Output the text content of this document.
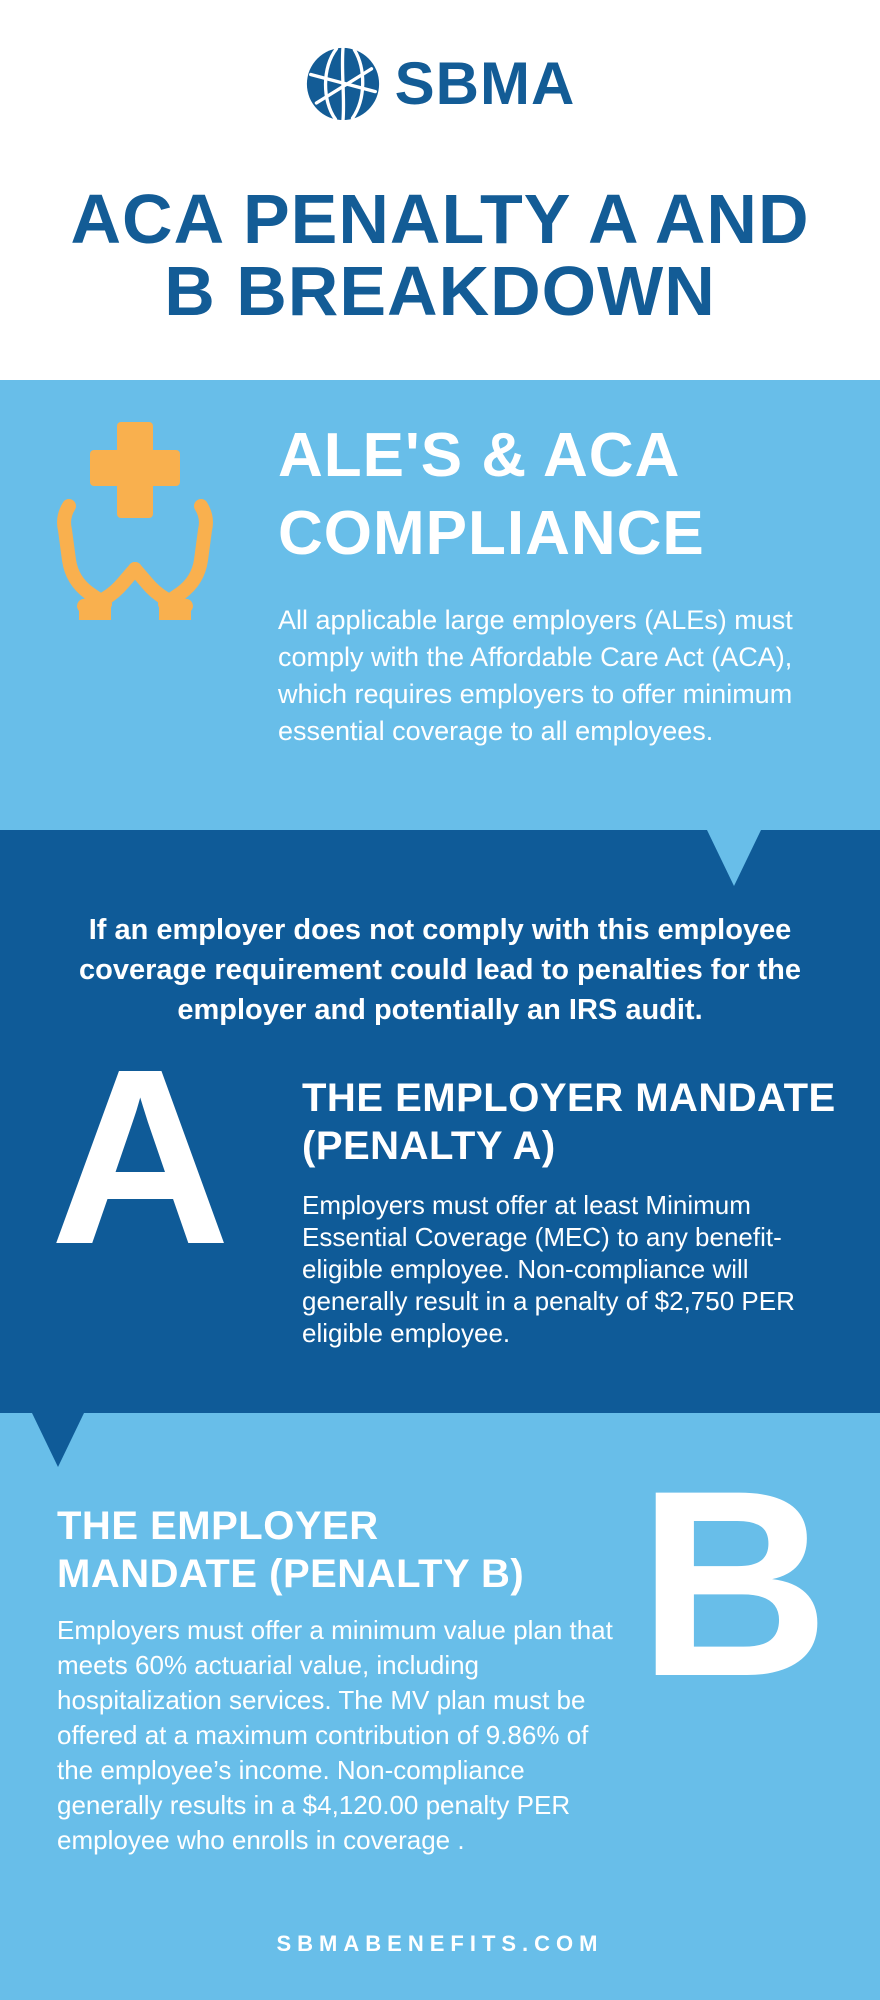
SBMA
ACA PENALTY A AND
B BREAKDOWN
ALE'S & ACA
COMPLIANCE

All applicable large employers (ALEs) must comply with the Affordable Care Act (ACA), which requires employers to offer minimum essential coverage to all employees.

If an employer does not comply with this employee coverage requirement could lead to penalties for the employer and potentially an IRS audit.
A THE EMPLOYER MANDATE
(PENALTY A)

Employers must offer at least Minimum Essential Coverage (MEC) to any benefit-eligible employee. Non-compliance will generally result in a penalty of $2,750 PER eligible employee.

THE EMPLOYER
MANDATE (PENALTY B) B

Employers must offer a minimum value plan that meets 60% actuarial value, including hospitalization services. The MV plan must be offered at a maximum contribution of 9.86% of the employee’s income. Non-compliance generally results in a $4,120.00 penalty PER employee who enrolls in coverage .

SBMABENEFITS.COM
